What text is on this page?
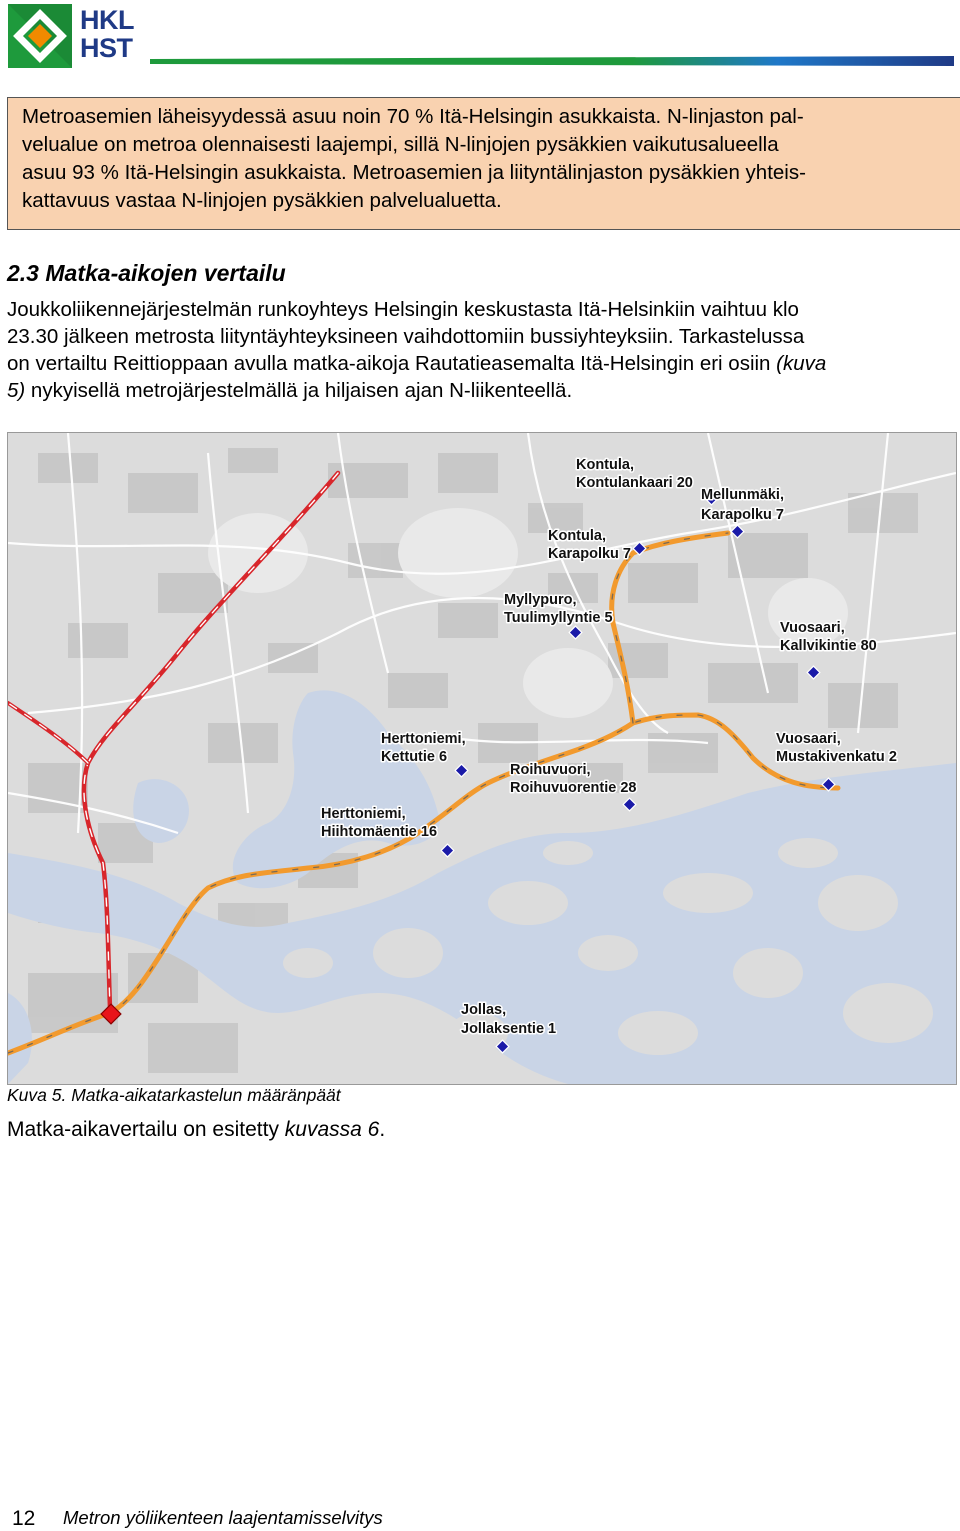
HKL
HST
Metroasemien läheisyydessä asuu noin 70 % Itä-Helsingin asukkaista. N-linjaston pal-
velualue on metroa olennaisesti laajempi, sillä N-linjojen pysäkkien vaikutusalueella
asuu 93 % Itä-Helsingin asukkaista. Metroasemien ja liityntälinjaston pysäkkien yhteis-
kattavuus vastaa N-linjojen pysäkkien palvelualuetta.
2.3 Matka-aikojen vertailu
Joukkoliikennejärjestelmän runkoyhteys Helsingin keskustasta Itä-Helsinkiin vaihtuu klo
23.30 jälkeen metrosta liityntäyhteyksineen vaihdottomiin bussiyhteyksiin. Tarkastelussa
on vertailtu Reittioppaan avulla matka-aikoja Rautatieasemalta Itä-Helsingin eri osiin (kuva
5) nykyisellä metrojärjestelmällä ja hiljaisen ajan N-liikenteellä.
Kontula,
Kontulankaari 20
Mellunmäki,
Karapolku 7
Kontula,
Karapolku 7
Myllypuro,
Tuulimyllyntie 5
Vuosaari,
Kallvikintie 80
Herttoniemi,
Kettutie 6
Vuosaari,
Mustakivenkatu 2
Roihuvuori,
Roihuvuorentie 28
Herttoniemi,
Hiihtomäentie 16
Jollas,
Jollaksentie 1

Kuva 5. Matka-aikatarkastelun määränpäät

Matka-aikavertailu on esitetty kuvassa 6.

12 Metron yöliikenteen laajentamisselvitys
